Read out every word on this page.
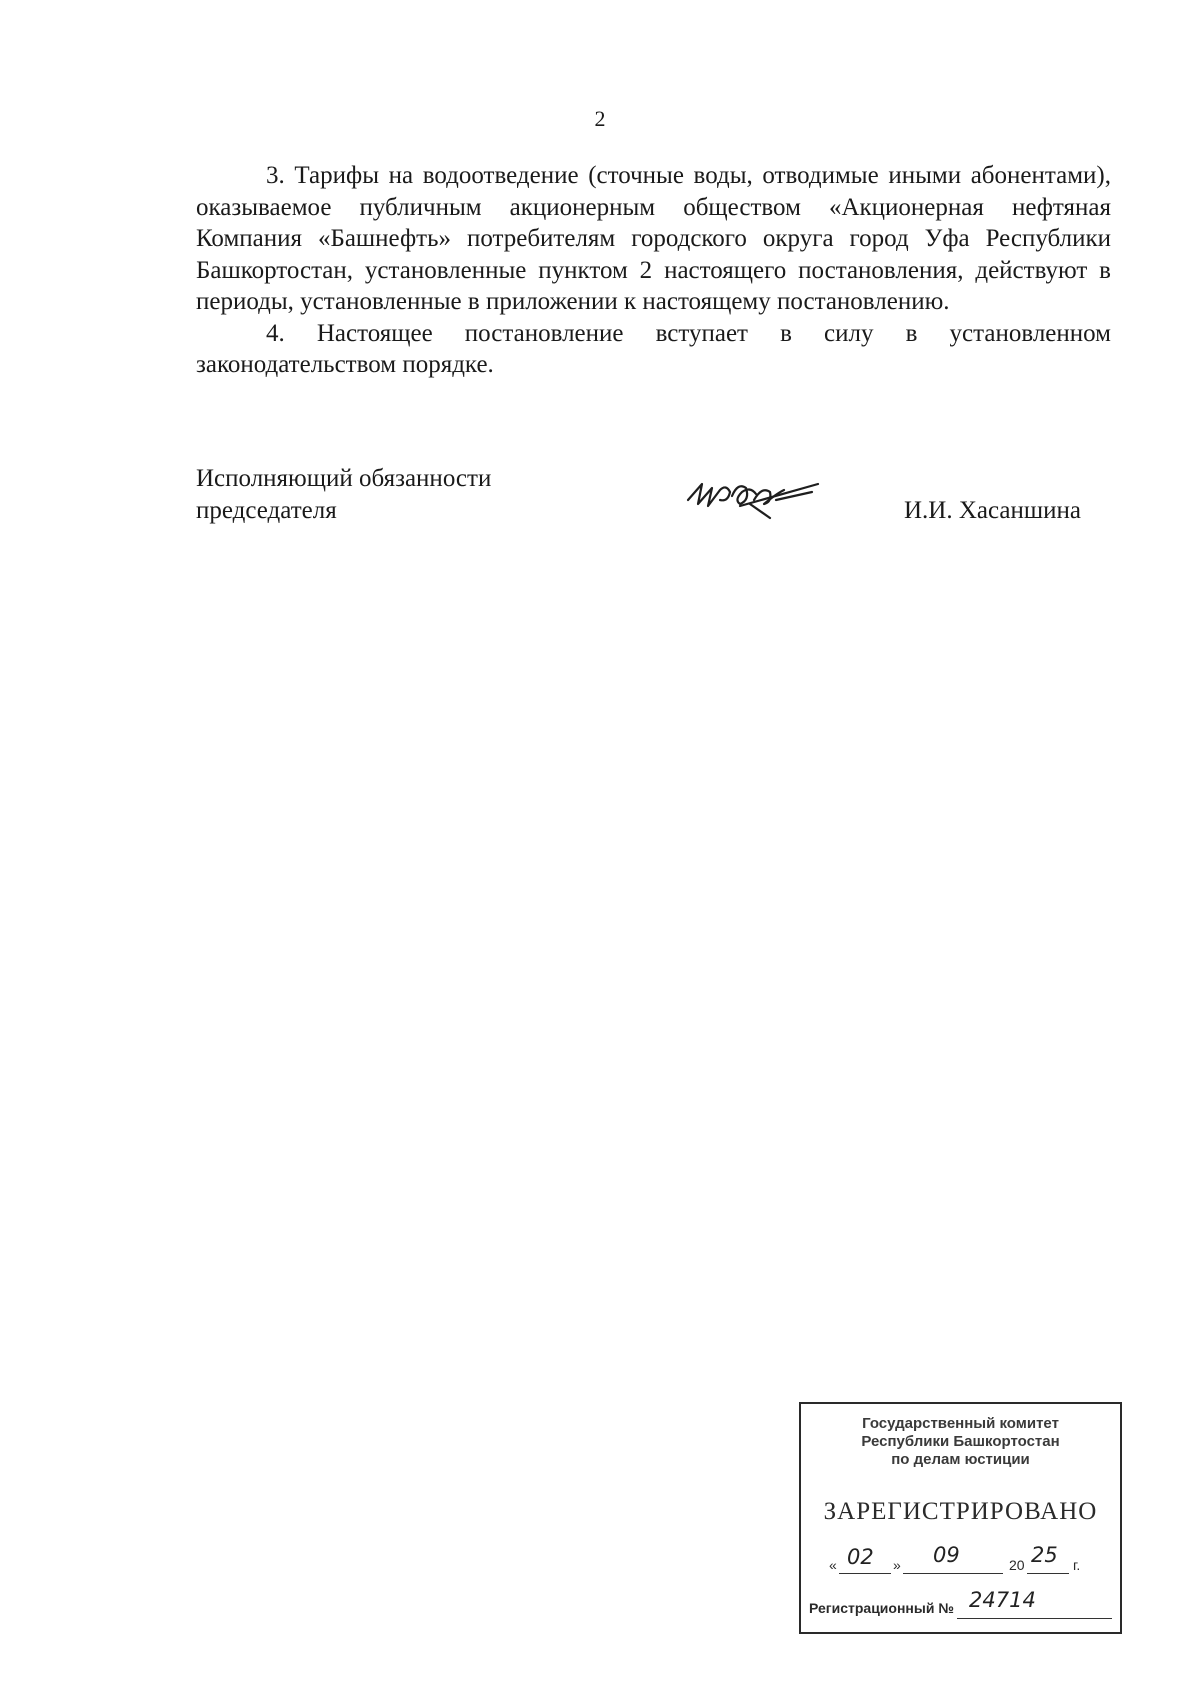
2

3. Тарифы на водоотведение (сточные воды, отводимые иными абонентами), оказываемое публичным акционерным обществом «Акционерная нефтяная Компания «Башнефть» потребителям городского округа город Уфа Республики Башкортостан, установленные пунктом 2 настоящего постановления, действуют в периоды, установленные в приложении к настоящему постановлению.

4. Настоящее постановление вступает в силу в установленном законодательством порядке.

Исполняющий обязанности
председателя	И.И. Хасаншина
Государственный комитет
Республики Башкортостан
по делам юстиции
ЗАРЕГИСТРИРОВАНО
« 02 » 09	20 25 г.
Регистрационный № 24714
